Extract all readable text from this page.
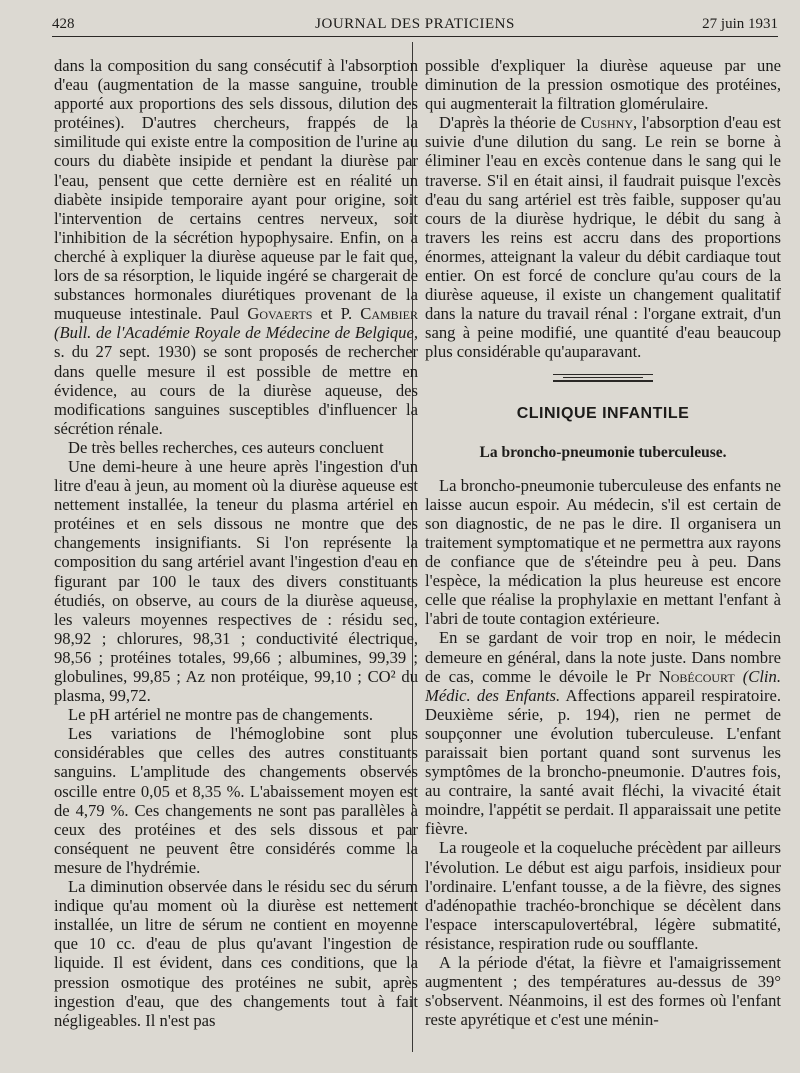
428	JOURNAL DES PRATICIENS	27 juin 1931

dans la composition du sang consécutif à l'absorption d'eau (augmentation de la masse sanguine, trouble apporté aux proportions des sels dissous, dilution des protéines). D'autres chercheurs, frappés de la similitude qui existe entre la composition de l'urine au cours du diabète insipide et pendant la diurèse par l'eau, pensent que cette dernière est en réalité un diabète insipide temporaire ayant pour origine, soit l'intervention de certains centres nerveux, soit l'inhibition de la sécrétion hypophysaire. Enfin, on a cherché à expliquer la diurèse aqueuse par le fait que, lors de sa résorption, le liquide ingéré se chargerait de substances hormonales diurétiques provenant de la muqueuse intestinale. Paul Govaerts et P. Cambier (Bull. de l'Académie Royale de Médecine de Belgique, s. du 27 sept. 1930) se sont proposés de rechercher dans quelle mesure il est possible de mettre en évidence, au cours de la diurèse aqueuse, des modifications sanguines susceptibles d'influencer la sécrétion rénale.

De très belles recherches, ces auteurs concluent

Une demi-heure à une heure après l'ingestion d'un litre d'eau à jeun, au moment où la diurèse aqueuse est nettement installée, la teneur du plasma artériel en protéines et en sels dissous ne montre que des changements insignifiants. Si l'on représente la composition du sang artériel avant l'ingestion d'eau en figurant par 100 le taux des divers constituants étudiés, on observe, au cours de la diurèse aqueuse, les valeurs moyennes respectives de : résidu sec, 98,92 ; chlorures, 98,31 ; conductivité électrique, 98,56 ; protéines totales, 99,66 ; albumines, 99,39 ; globulines, 99,85 ; Az non protéique, 99,10 ; CO² du plasma, 99,72.

Le pH artériel ne montre pas de changements.

Les variations de l'hémoglobine sont plus considérables que celles des autres constituants sanguins. L'amplitude des changements observés oscille entre 0,05 et 8,35 %. L'abaissement moyen est de 4,79 %. Ces changements ne sont pas parallèles à ceux des protéines et des sels dissous et par conséquent ne peuvent être considérés comme la mesure de l'hydrémie.

La diminution observée dans le résidu sec du sérum indique qu'au moment où la diurèse est nettement installée, un litre de sérum ne contient en moyenne que 10 cc. d'eau de plus qu'avant l'ingestion de liquide. Il est évident, dans ces conditions, que la pression osmotique des protéines ne subit, après ingestion d'eau, que des changements tout à fait négligeables. Il n'est pas

possible d'expliquer la diurèse aqueuse par une diminution de la pression osmotique des protéines, qui augmenterait la filtration glomérulaire.

D'après la théorie de Cushny, l'absorption d'eau est suivie d'une dilution du sang. Le rein se borne à éliminer l'eau en excès contenue dans le sang qui le traverse. S'il en était ainsi, il faudrait puisque l'excès d'eau du sang artériel est très faible, supposer qu'au cours de la diurèse hydrique, le débit du sang à travers les reins est accru dans des proportions énormes, atteignant la valeur du débit cardiaque tout entier. On est forcé de conclure qu'au cours de la diurèse aqueuse, il existe un changement qualitatif dans la nature du travail rénal : l'organe extrait, d'un sang à peine modifié, une quantité d'eau beaucoup plus considérable qu'auparavant.

CLINIQUE INFANTILE
La broncho-pneumonie tuberculeuse.

La broncho-pneumonie tuberculeuse des enfants ne laisse aucun espoir. Au médecin, s'il est certain de son diagnostic, de ne pas le dire. Il organisera un traitement symptomatique et ne permettra aux rayons de confiance que de s'éteindre peu à peu. Dans l'espèce, la médication la plus heureuse est encore celle que réalise la prophylaxie en mettant l'enfant à l'abri de toute contagion extérieure.

En se gardant de voir trop en noir, le médecin demeure en général, dans la note juste. Dans nombre de cas, comme le dévoile le Pr Nobécourt (Clin. Médic. des Enfants. Affections appareil respiratoire. Deuxième série, p. 194), rien ne permet de soupçonner une évolution tuberculeuse. L'enfant paraissait bien portant quand sont survenus les symptômes de la broncho-pneumonie. D'autres fois, au contraire, la santé avait fléchi, la vivacité était moindre, l'appétit se perdait. Il apparaissait une petite fièvre.

La rougeole et la coqueluche précèdent par ailleurs l'évolution. Le début est aigu parfois, insidieux pour l'ordinaire. L'enfant tousse, a de la fièvre, des signes d'adénopathie trachéo-bronchique se décèlent dans l'espace interscapulovertébral, légère submatité, résistance, respiration rude ou soufflante.

A la période d'état, la fièvre et l'amaigrissement augmentent ; des températures au-dessus de 39° s'observent. Néanmoins, il est des formes où l'enfant reste apyrétique et c'est une ménin-
